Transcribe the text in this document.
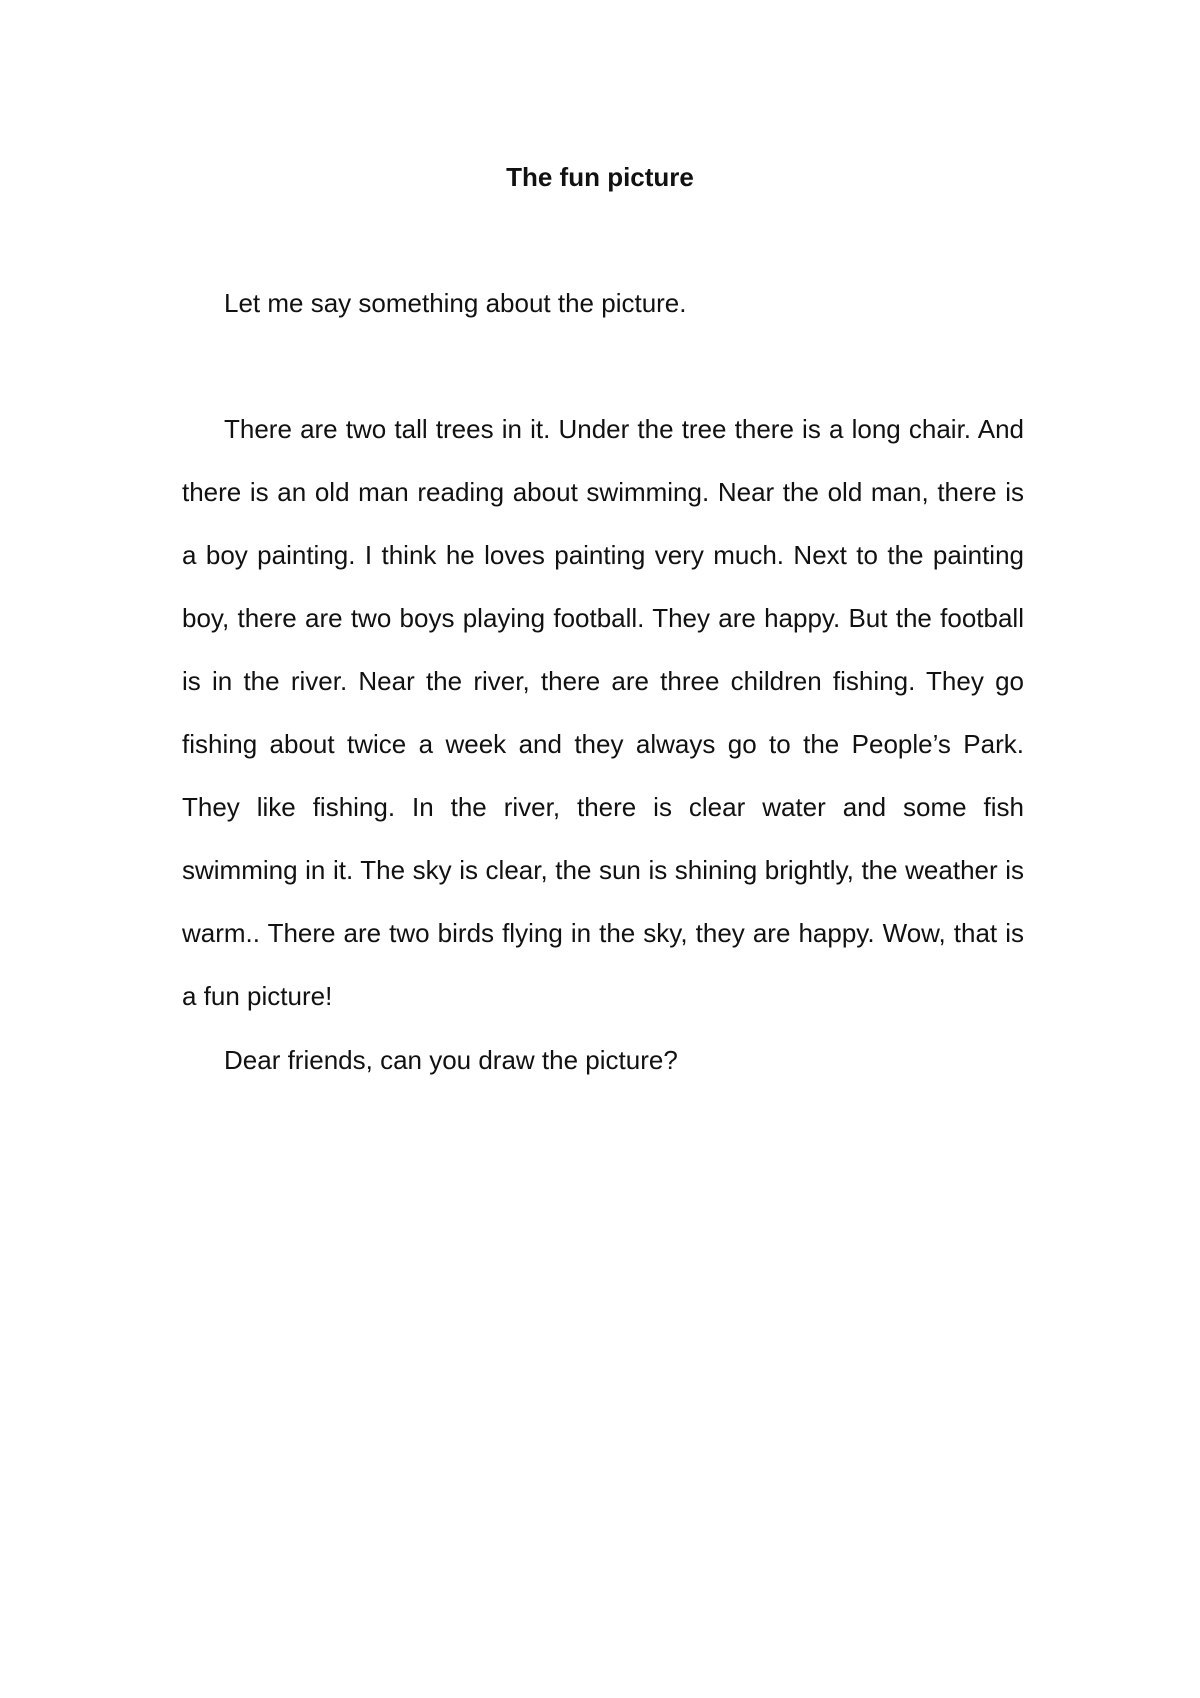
The fun picture

Let me say something about the picture.

There are two tall trees in it. Under the tree there is a long chair. And there is an old man reading about swimming. Near the old man, there is a boy painting. I think he loves painting very much. Next to the painting boy, there are two boys playing football. They are happy. But the football is in the river. Near the river, there are three children fishing. They go fishing about twice a week and they always go to the People’s Park. They like fishing. In the river, there is clear water and some fish swimming in it. The sky is clear, the sun is shining brightly, the weather is warm.. There are two birds flying in the sky, they are happy. Wow, that is a fun picture!

Dear friends, can you draw the picture?
